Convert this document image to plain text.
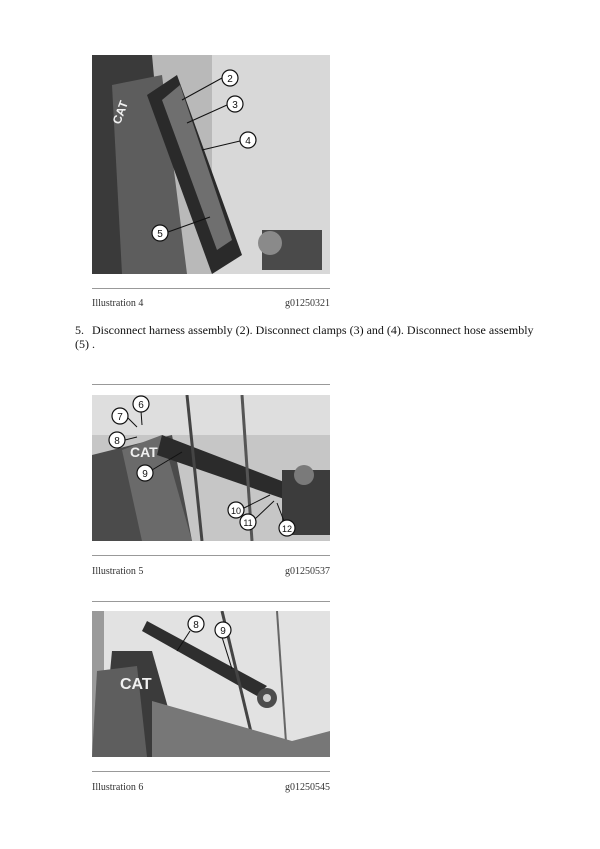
CAT
2
3
4
5
Illustration 4	g01250321
5. Disconnect harness assembly (2). Disconnect clamps (3) and (4). Disconnect hose assembly (5) .
CAT
6
7
8
9
10
11
12
Illustration 5	g01250537
CAT
8
9
Illustration 6	g01250545
